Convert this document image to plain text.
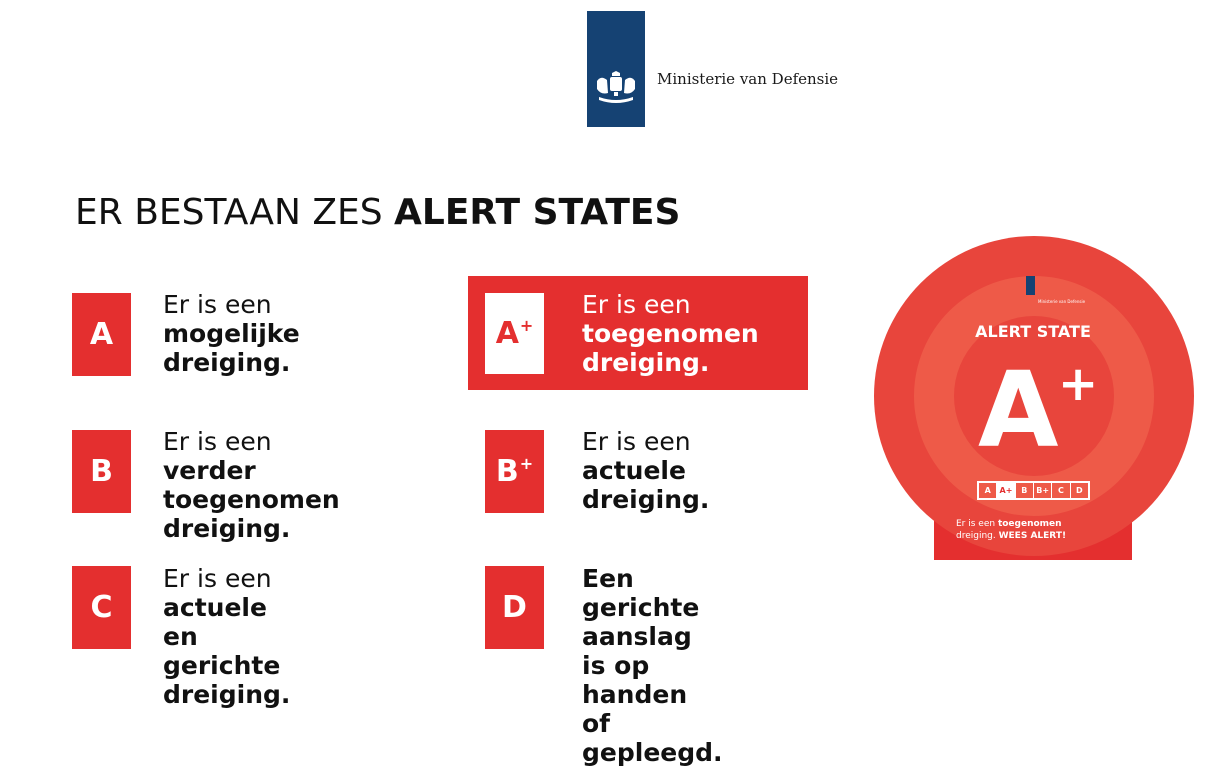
Ministerie van Defensie
ER BESTAAN ZES ALERT STATES
A
Er is een
mogelijke
dreiging.
A+
Er is een
toegenomen
dreiging.
B
Er is een verder
toegenomen
dreiging.
B+
Er is een actuele
dreiging.
C
Er is een actuele
en gerichte
dreiging.
D
Een gerichte
aanslag is op handen
of gepleegd.
Ministerie van Defensie
ALERT STATE
A +
A	A+	B	B+	C	D
Er is een toegenomen
dreiging. WEES ALERT!
